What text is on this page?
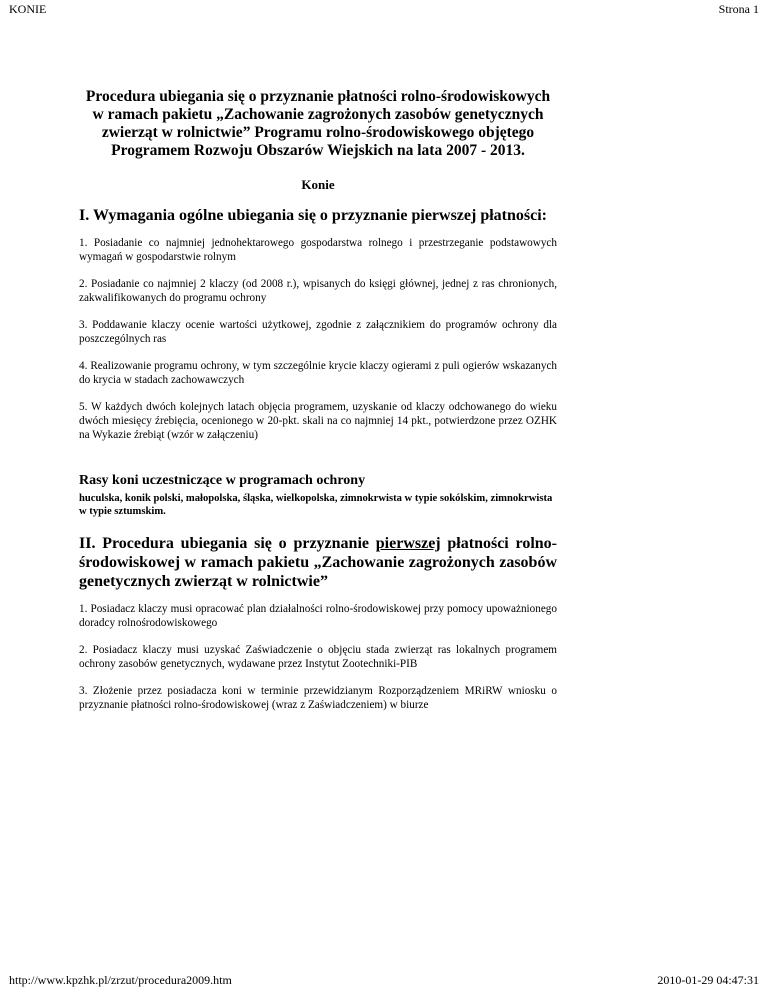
KONIE	Strona 1

Procedura ubiegania się o przyznanie płatności rolno-środowiskowych w ramach pakietu „Zachowanie zagrożonych zasobów genetycznych zwierząt w rolnictwie” Programu rolno-środowiskowego objętego Programem Rozwoju Obszarów Wiejskich na lata 2007 - 2013.

Konie

I. Wymagania ogólne ubiegania się o przyznanie pierwszej płatności:

1. Posiadanie co najmniej jednohektarowego gospodarstwa rolnego i przestrzeganie podstawowych wymagań w gospodarstwie rolnym

2. Posiadanie co najmniej 2 klaczy (od 2008 r.), wpisanych do księgi głównej, jednej z ras chronionych, zakwalifikowanych do programu ochrony

3. Poddawanie klaczy ocenie wartości użytkowej, zgodnie z załącznikiem do programów ochrony dla poszczególnych ras

4. Realizowanie programu ochrony, w tym szczególnie krycie klaczy ogierami z puli ogierów wskazanych do krycia w stadach zachowawczych

5. W każdych dwóch kolejnych latach objęcia programem, uzyskanie od klaczy odchowanego do wieku dwóch miesięcy źrebięcia, ocenionego w 20-pkt. skali na co najmniej 14 pkt., potwierdzone przez OZHK na Wykazie źrebiąt (wzór w załączeniu)

Rasy koni uczestniczące w programach ochrony

huculska, konik polski, małopolska, śląska, wielkopolska, zimnokrwista w typie sokólskim, zimnokrwista w typie sztumskim.

II. Procedura ubiegania się o przyznanie pierwszej płatności rolno-środowiskowej w ramach pakietu „Zachowanie zagrożonych zasobów genetycznych zwierząt w rolnictwie”

1. Posiadacz klaczy musi opracować plan działalności rolno-środowiskowej przy pomocy upoważnionego doradcy rolnośrodowiskowego

2. Posiadacz klaczy musi uzyskać Zaświadczenie o objęciu stada zwierząt ras lokalnych programem ochrony zasobów genetycznych, wydawane przez Instytut Zootechniki-PIB

3. Złożenie przez posiadacza koni w terminie przewidzianym Rozporządzeniem MRiRW wniosku o przyznanie płatności rolno-środowiskowej (wraz z Zaświadczeniem) w biurze

http://www.kpzhk.pl/zrzut/procedura2009.htm	2010-01-29 04:47:31
